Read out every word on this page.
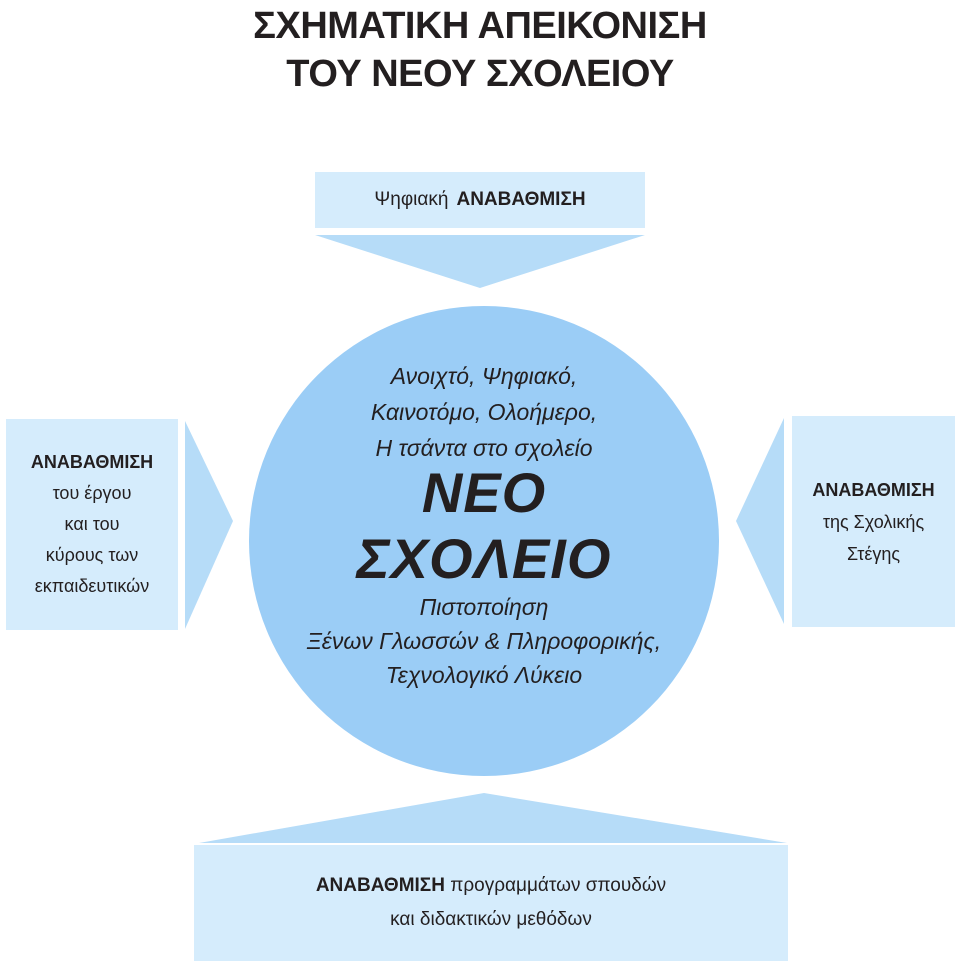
ΣΧΗΜΑΤΙΚΗ ΑΠΕΙΚΟΝΙΣΗ
ΤΟΥ ΝΕΟΥ ΣΧΟΛΕΙΟΥ
Ψηφιακή ΑΝΑΒΑΘΜΙΣΗ
ΑΝΑΒΑΘΜΙΣΗ
του έργου
και του
κύρους των
εκπαιδευτικών
ΑΝΑΒΑΘΜΙΣΗ
της Σχολικής
Στέγης
ΑΝΑΒΑΘΜΙΣΗ προγραμμάτων σπουδών
και διδακτικών μεθόδων
Ανοιχτό, Ψηφιακό,
Καινοτόμο, Ολοήμερο,
Η τσάντα στο σχολείο
ΝΕΟ
ΣΧΟΛΕΙΟ
Πιστοποίηση
Ξένων Γλωσσών & Πληροφορικής,
Τεχνολογικό Λύκειο
